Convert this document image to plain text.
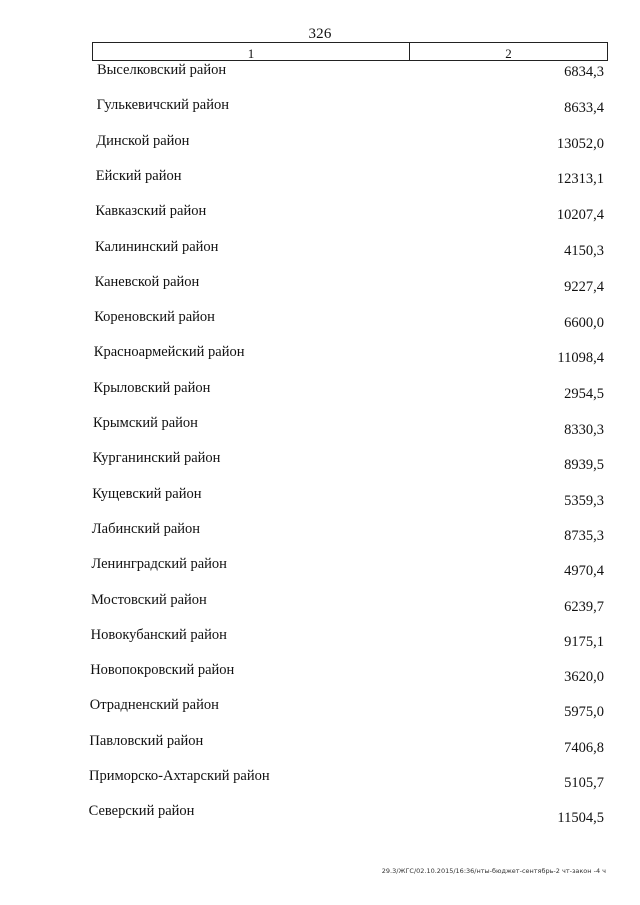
326
1	2
Выселковский район	6834,3
Гулькевичский район	8633,4
Динской район	13052,0
Ейский район	12313,1
Кавказский район	10207,4
Калининский район	4150,3
Каневской район	9227,4
Кореновский район	6600,0
Красноармейский район	11098,4
Крыловский район	2954,5
Крымский район	8330,3
Курганинский район	8939,5
Кущевский район	5359,3
Лабинский район	8735,3
Ленинградский район	4970,4
Мостовский район	6239,7
Новокубанский район	9175,1
Новопокровский район	3620,0
Отрадненский район	5975,0
Павловский район	7406,8
Приморско-Ахтарский район	5105,7
Северский район	11504,5
29.3/ЖГС/02.10.2015/16:36/нты-бюджет-сентябрь-2 чт-закон -4 ч
